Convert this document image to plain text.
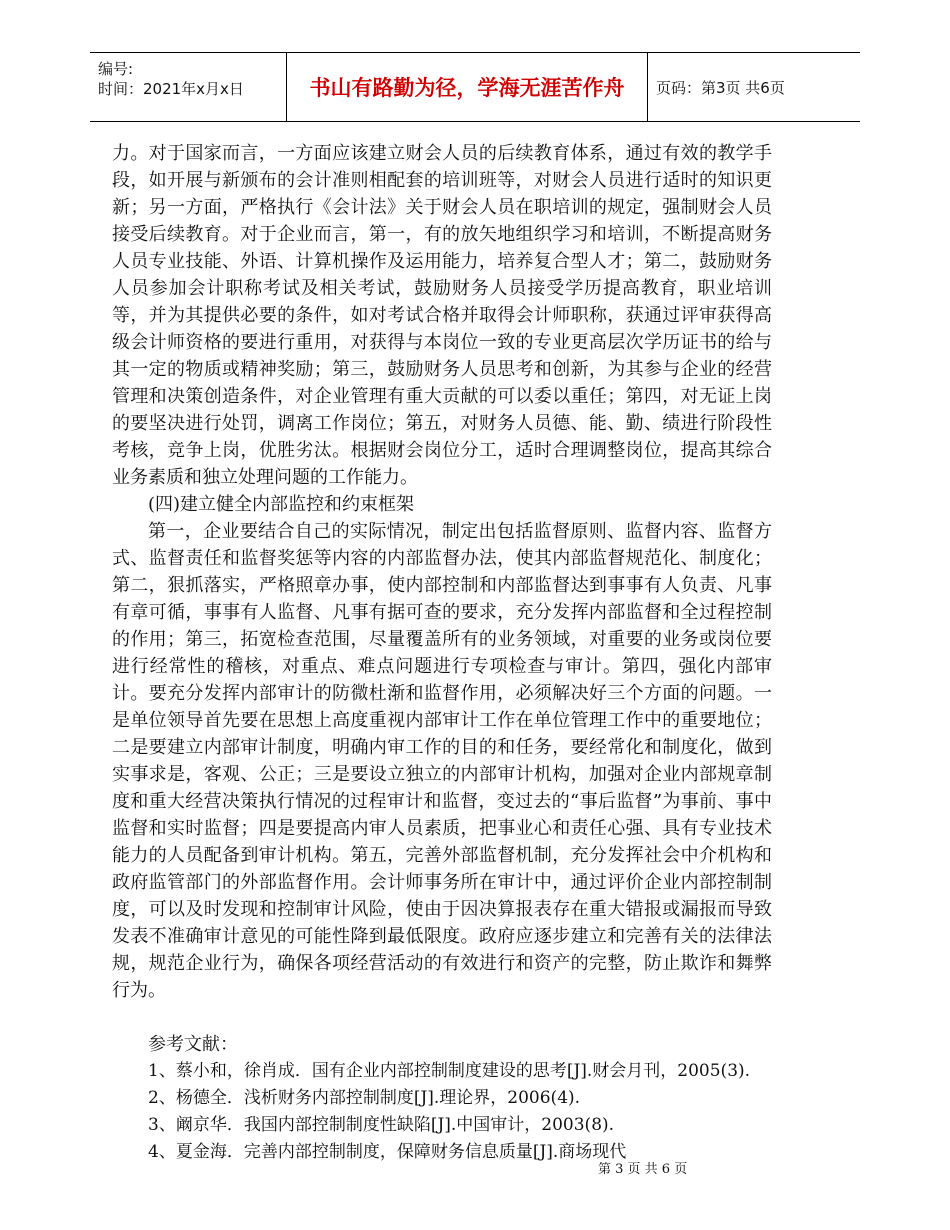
编号:
时间：2021年x月x日	书山有路勤为径，学海无涯苦作舟	页码：第3页 共6页

力。对于国家而言，一方面应该建立财会人员的后续教育体系，通过有效的教学手段，如开展与新颁布的会计准则相配套的培训班等，对财会人员进行适时的知识更新；另一方面，严格执行《会计法》关于财会人员在职培训的规定，强制财会人员接受后续教育。对于企业而言，第一，有的放矢地组织学习和培训，不断提高财务人员专业技能、外语、计算机操作及运用能力，培养复合型人才；第二，鼓励财务人员参加会计职称考试及相关考试，鼓励财务人员接受学历提高教育，职业培训等，并为其提供必要的条件，如对考试合格并取得会计师职称，获通过评审获得高级会计师资格的要进行重用，对获得与本岗位一致的专业更高层次学历证书的给与其一定的物质或精神奖励；第三，鼓励财务人员思考和创新，为其参与企业的经营管理和决策创造条件，对企业管理有重大贡献的可以委以重任；第四，对无证上岗的要坚决进行处罚，调离工作岗位；第五，对财务人员德、能、勤、绩进行阶段性考核，竞争上岗，优胜劣汰。根据财会岗位分工，适时合理调整岗位，提高其综合业务素质和独立处理问题的工作能力。

(四)建立健全内部监控和约束框架

第一，企业要结合自己的实际情况，制定出包括监督原则、监督内容、监督方式、监督责任和监督奖惩等内容的内部监督办法，使其内部监督规范化、制度化；第二，狠抓落实，严格照章办事，使内部控制和内部监督达到事事有人负责、凡事有章可循，事事有人监督、凡事有据可查的要求，充分发挥内部监督和全过程控制的作用；第三，拓宽检查范围，尽量覆盖所有的业务领域，对重要的业务或岗位要进行经常性的稽核，对重点、难点问题进行专项检查与审计。第四，强化内部审计。要充分发挥内部审计的防微杜渐和监督作用，必须解决好三个方面的问题。一是单位领导首先要在思想上高度重视内部审计工作在单位管理工作中的重要地位；二是要建立内部审计制度，明确内审工作的目的和任务，要经常化和制度化，做到实事求是，客观、公正；三是要设立独立的内部审计机构，加强对企业内部规章制度和重大经营决策执行情况的过程审计和监督，变过去的“事后监督”为事前、事中监督和实时监督；四是要提高内审人员素质，把事业心和责任心强、具有专业技术能力的人员配备到审计机构。第五，完善外部监督机制，充分发挥社会中介机构和政府监管部门的外部监督作用。会计师事务所在审计中，通过评价企业内部控制制度，可以及时发现和控制审计风险，使由于因决算报表存在重大错报或漏报而导致发表不准确审计意见的可能性降到最低限度。政府应逐步建立和完善有关的法律法规，规范企业行为，确保各项经营活动的有效进行和资产的完整，防止欺诈和舞弊行为。

参考文献：

1、蔡小和，徐肖成．国有企业内部控制制度建设的思考[J].财会月刊，2005(3).

2、杨德全．浅析财务内部控制制度[J].理论界，2006(4).

3、阚京华．我国内部控制制度性缺陷[J].中国审计，2003(8).

4、夏金海．完善内部控制制度，保障财务信息质量[J].商场现代

第 3 页 共 6 页
